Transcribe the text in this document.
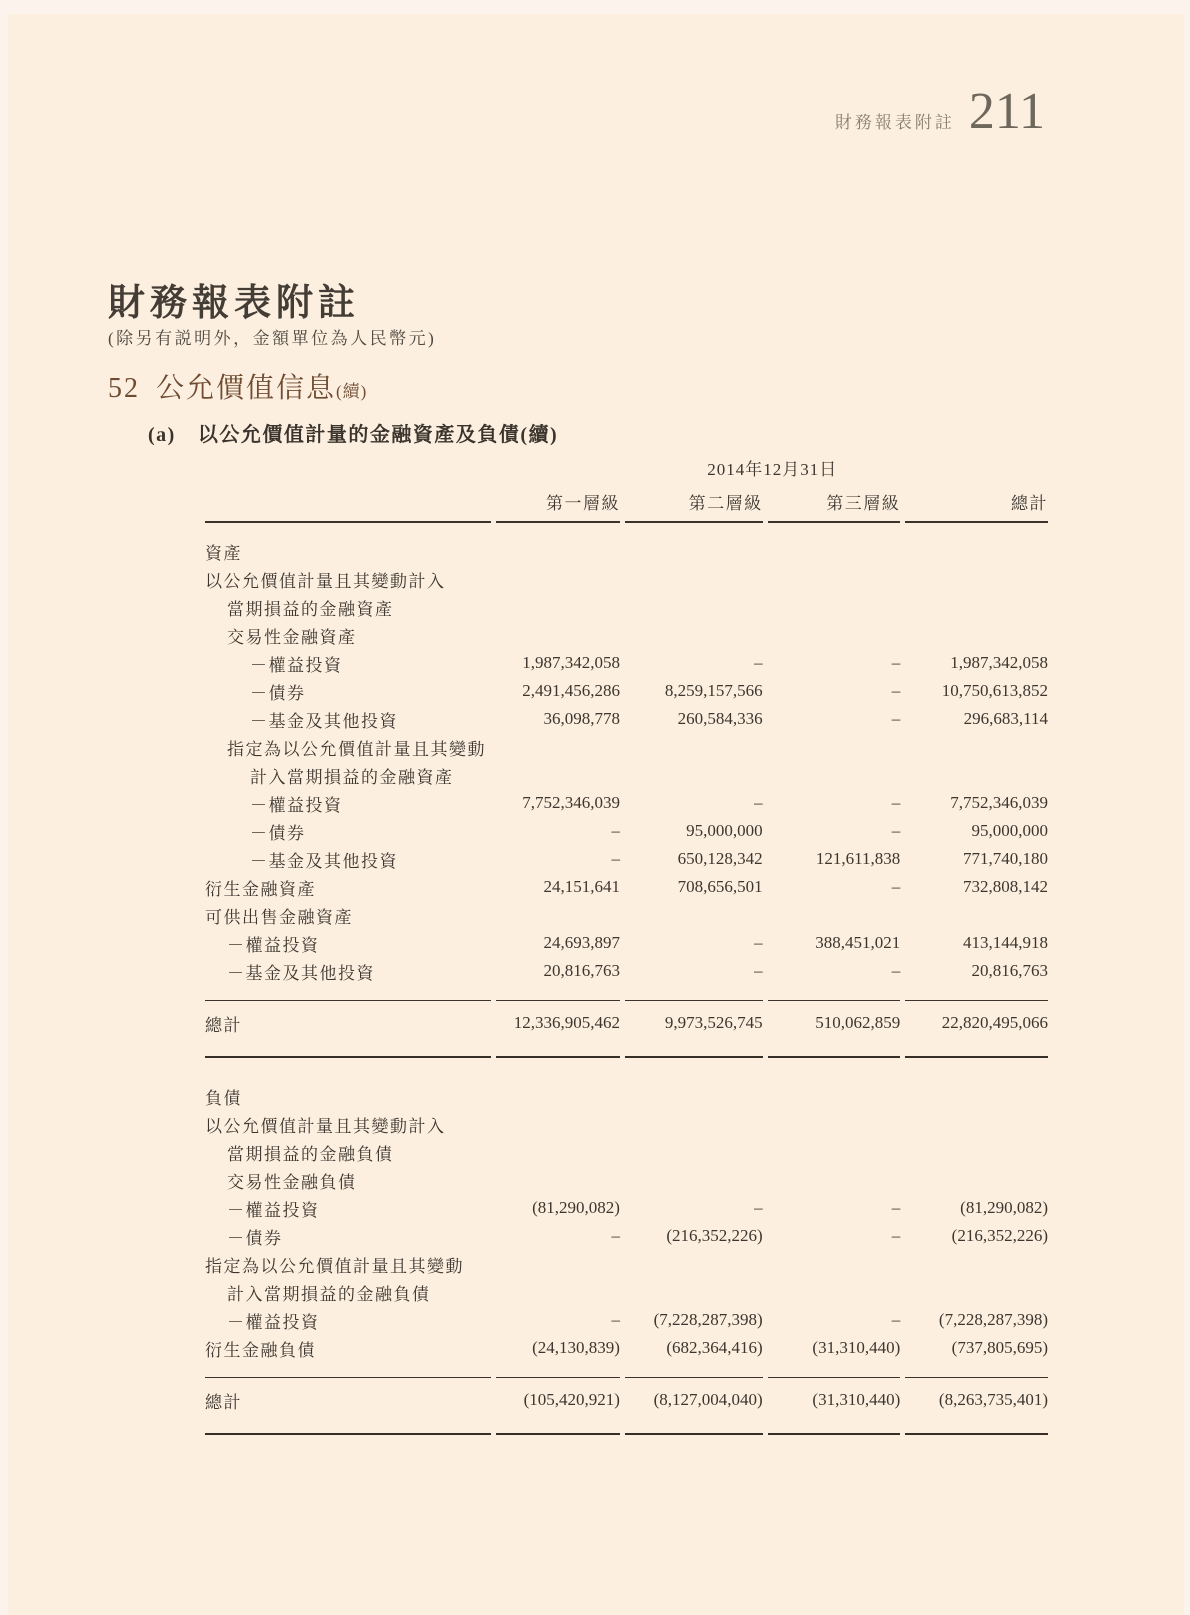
財務報表附註 211
財務報表附註

(除另有説明外，金額單位為人民幣元)

52 公允價值信息(續)
(a) 以公允價值計量的金融資產及負債(續)
	2014年12月31日			
	第一層級	第二層級	第三層級	總計
資產				
以公允價值計量且其變動計入				
當期損益的金融資產				
交易性金融資產				
－權益投資	1,987,342,058	–	–	1,987,342,058
－債券	2,491,456,286	8,259,157,566	–	10,750,613,852
－基金及其他投資	36,098,778	260,584,336	–	296,683,114
指定為以公允價值計量且其變動				
計入當期損益的金融資產				
－權益投資	7,752,346,039	–	–	7,752,346,039
－債券	–	95,000,000	–	95,000,000
－基金及其他投資	–	650,128,342	121,611,838	771,740,180
衍生金融資產	24,151,641	708,656,501	–	732,808,142
可供出售金融資產				
－權益投資	24,693,897	–	388,451,021	413,144,918
－基金及其他投資	20,816,763	–	–	20,816,763

總計	12,336,905,462	9,973,526,745	510,062,859	22,820,495,066

負債				
以公允價值計量且其變動計入				
當期損益的金融負債				
交易性金融負債				
－權益投資	(81,290,082)	–	–	(81,290,082)
－債券	–	(216,352,226)	–	(216,352,226)
指定為以公允價值計量且其變動				
計入當期損益的金融負債				
－權益投資	–	(7,228,287,398)	–	(7,228,287,398)
衍生金融負債	(24,130,839)	(682,364,416)	(31,310,440)	(737,805,695)

總計	(105,420,921)	(8,127,004,040)	(31,310,440)	(8,263,735,401)
